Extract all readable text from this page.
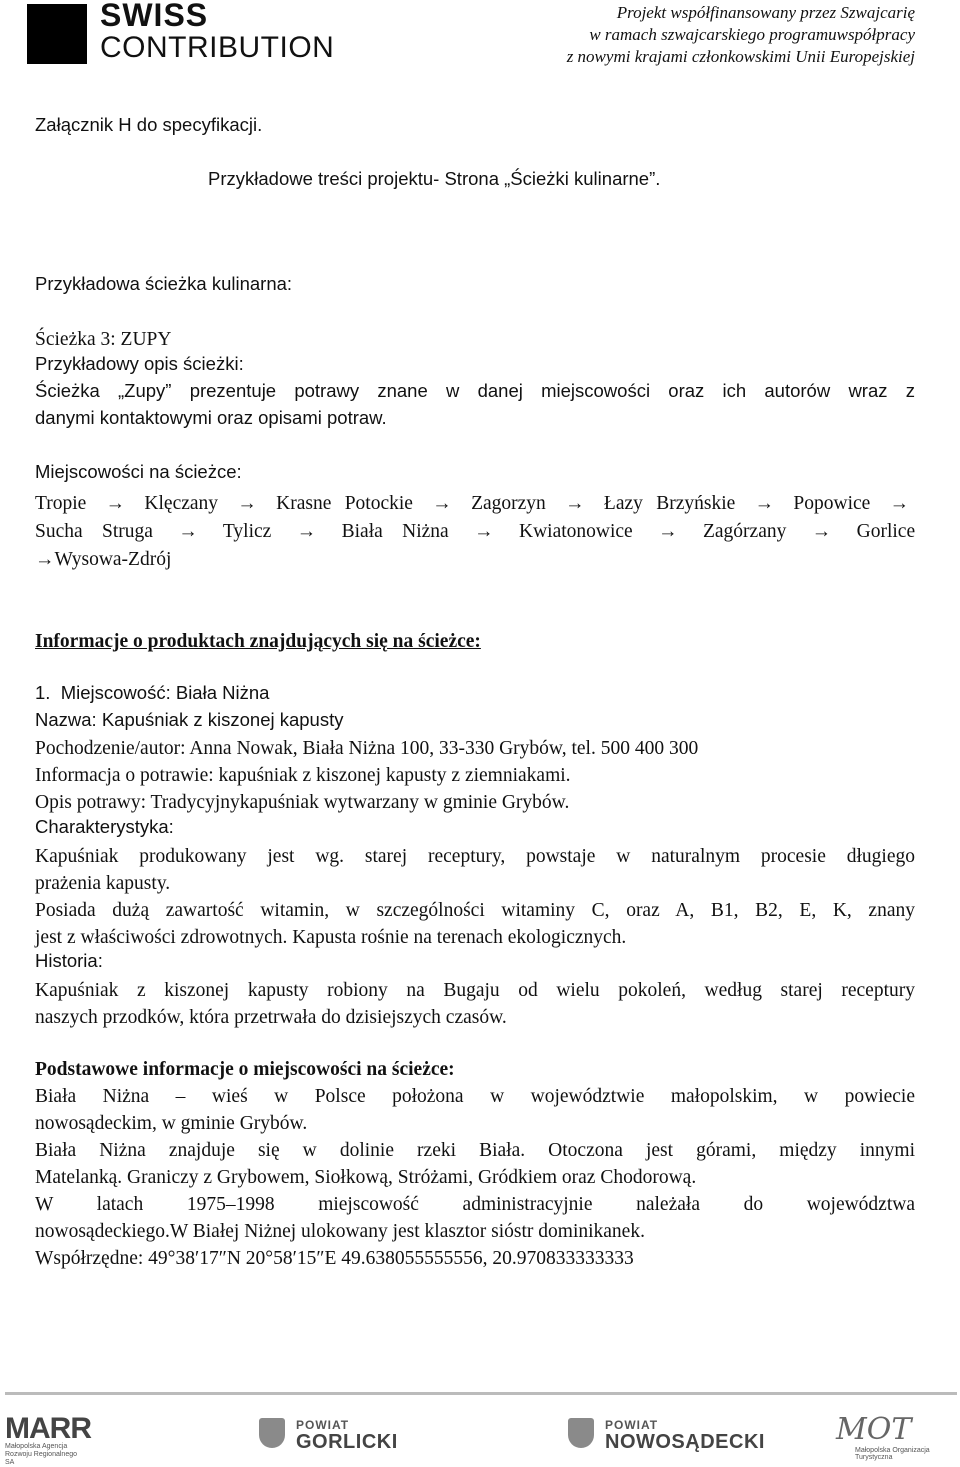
SWISS
CONTRIBUTION
Projekt współfinansowany przez Szwajcarię
w ramach szwajcarskiego programuwspółpracy
z nowymi krajami członkowskimi Unii Europejskiej
Załącznik H do specyfikacji.
Przykładowe treści projektu- Strona „Ścieżki kulinarne”.
Przykładowa ścieżka kulinarna:
Ścieżka 3: ZUPY
Przykładowy opis ścieżki:
Ścieżka „Zupy” prezentuje potrawy znane w danej miejscowości oraz ich autorów wraz z
danymi kontaktowymi oraz opisami potraw.
Miejscowości na ścieżce:
Tropie → Klęczany → Krasne Potockie → Zagorzyn → Łazy Brzyńskie → Popowice →
Sucha Struga → Tylicz → Biała Niżna → Kwiatonowice → Zagórzany → Gorlice
→Wysowa-Zdrój
Informacje o produktach znajdujących się na ścieżce:
1. Miejscowość: Biała Niżna
Nazwa: Kapuśniak z kiszonej kapusty
Pochodzenie/autor: Anna Nowak, Biała Niżna 100, 33-330 Grybów, tel. 500 400 300
Informacja o potrawie: kapuśniak z kiszonej kapusty z ziemniakami.
Opis potrawy: Tradycyjnykapuśniak wytwarzany w gminie Grybów.
Charakterystyka:
Kapuśniak produkowany jest wg. starej receptury, powstaje w naturalnym procesie długiego
prażenia kapusty.
Posiada dużą zawartość witamin, w szczególności witaminy C, oraz A, B1, B2, E, K, znany
jest z właściwości zdrowotnych. Kapusta rośnie na terenach ekologicznych.
Historia:
Kapuśniak z kiszonej kapusty robiony na Bugaju od wielu pokoleń, według starej receptury
naszych przodków, która przetrwała do dzisiejszych czasów.
Podstawowe informacje o miejscowości na ścieżce:
Biała Niżna – wieś w Polsce położona w województwie małopolskim, w powiecie
nowosądeckim, w gminie Grybów.
Biała Niżna znajduje się w dolinie rzeki Biała. Otoczona jest górami, między innymi
Matelanką. Graniczy z Grybowem, Siołkową, Stróżami, Gródkiem oraz Chodorową.
W latach 1975–1998 miejscowość administracyjnie należała do województwa
nowosądeckiego.W Białej Niżnej ulokowany jest klasztor sióstr dominikanek.
Współrzędne: 49°38′17″N 20°58′15″E 49.638055555556, 20.970833333333
MARR
Małopolska Agencja Rozwoju Regionalnego SA
POWIAT
GORLICKI
POWIAT
NOWOSĄDECKI MOT
Małopolska Organizacja Turystyczna
